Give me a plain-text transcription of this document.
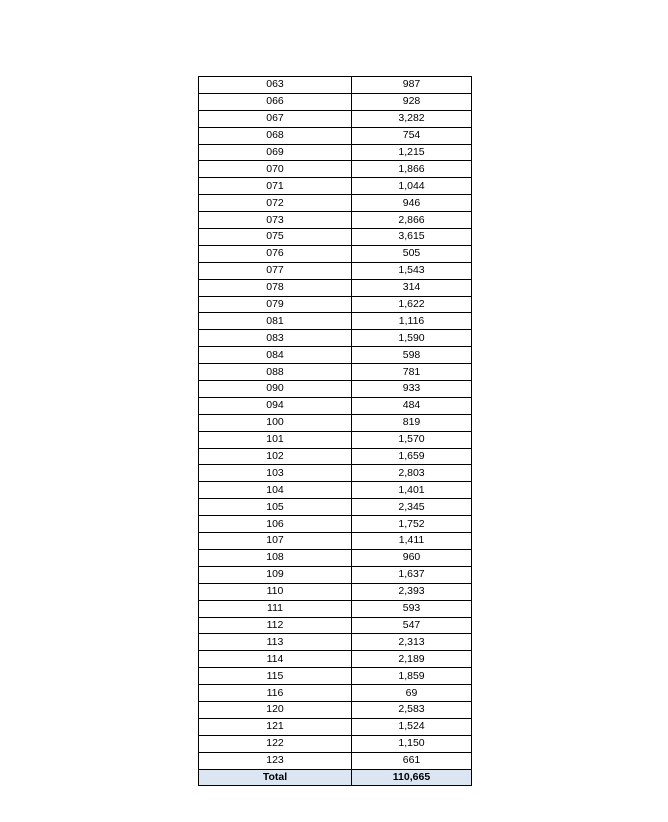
063	987
066	928
067	3,282
068	754
069	1,215
070	1,866
071	1,044
072	946
073	2,866
075	3,615
076	505
077	1,543
078	314
079	1,622
081	1,116
083	1,590
084	598
088	781
090	933
094	484
100	819
101	1,570
102	1,659
103	2,803
104	1,401
105	2,345
106	1,752
107	1,411
108	960
109	1,637
110	2,393
111	593
112	547
113	2,313
114	2,189
115	1,859
116	69
120	2,583
121	1,524
122	1,150
123	661
Total	110,665
